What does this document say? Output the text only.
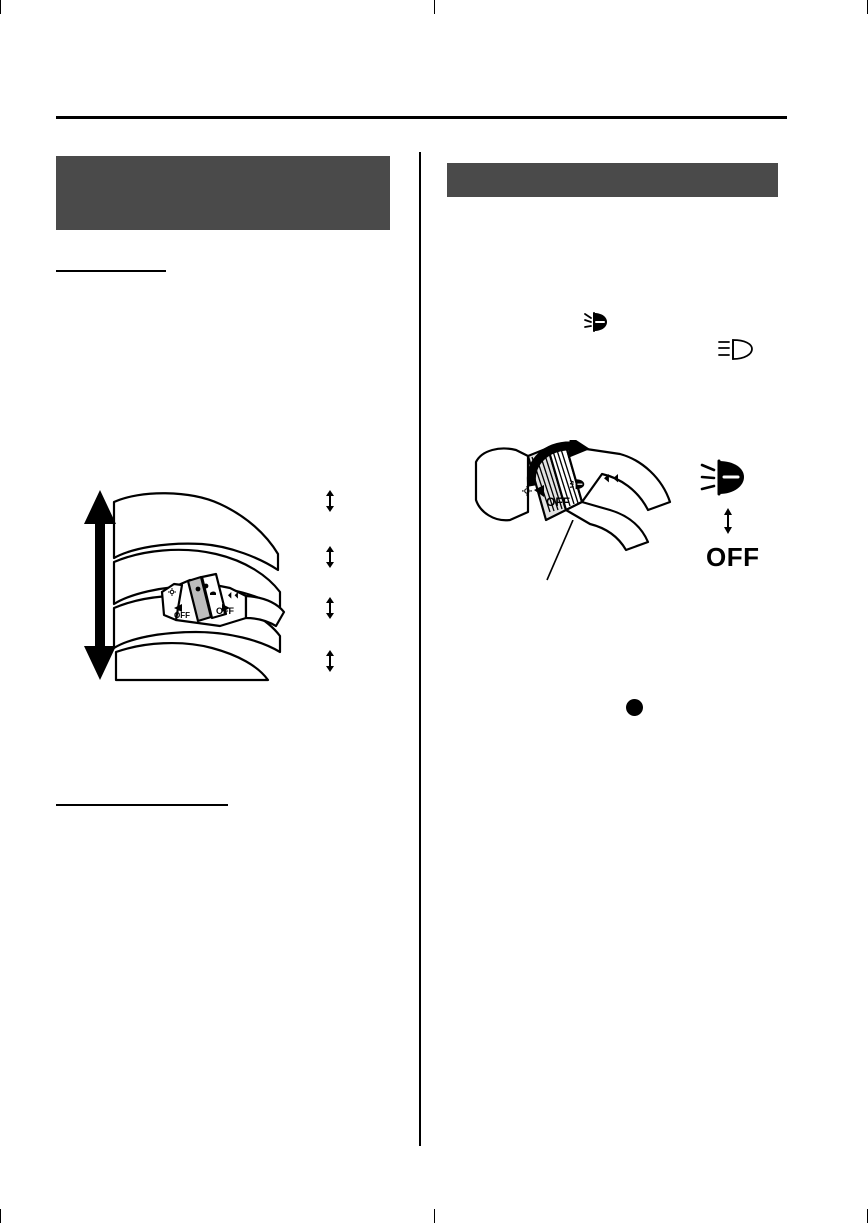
OFF
OFF
OFF
OFF
